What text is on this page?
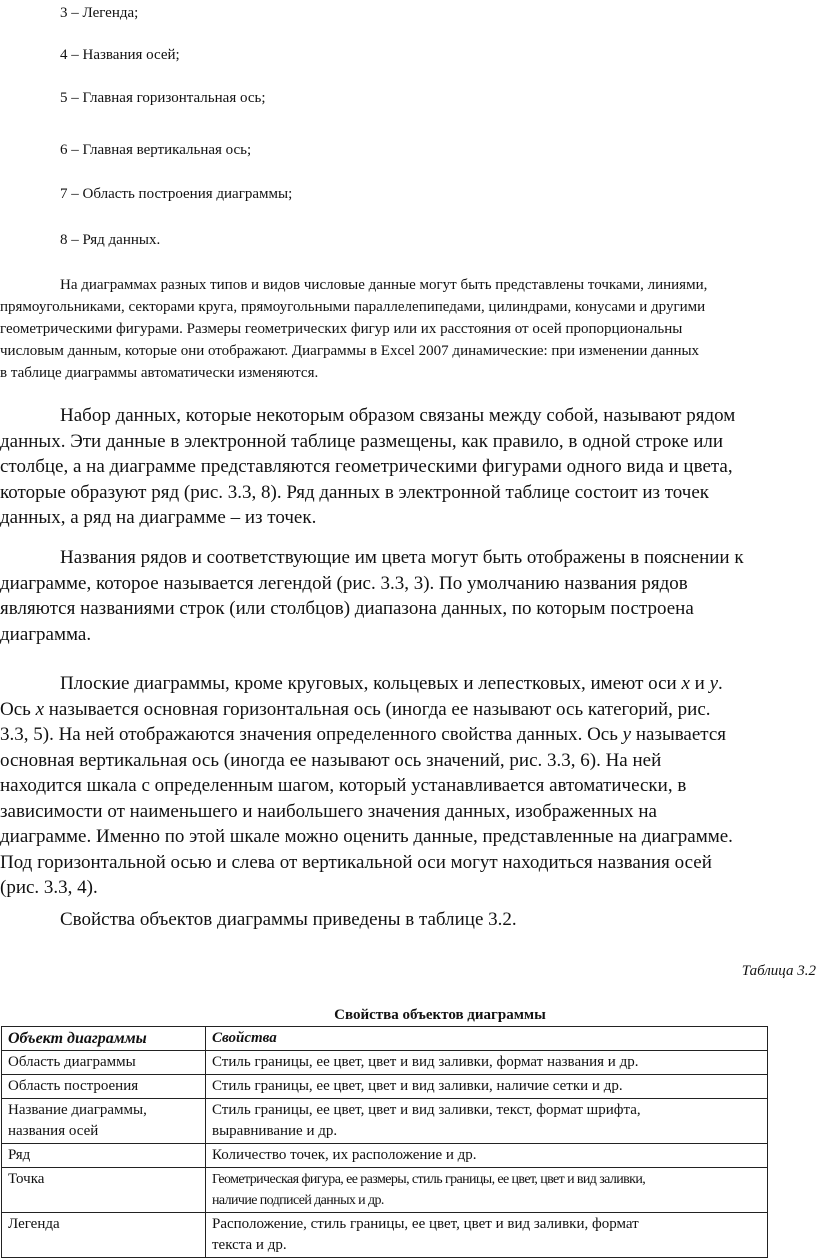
3 – Легенда;
4 – Названия осей;
5 – Главная горизонтальная ось;
6 – Главная вертикальная ось;
7 – Область построения диаграммы;
8 – Ряд данных.
На диаграммах разных типов и видов числовые данные могут быть представлены точками, линиями,
прямоугольниками, секторами круга, прямоугольными параллелепипедами, цилиндрами, конусами и другими
геометрическими фигурами. Размеры геометрических фигур или их расстояния от осей пропорциональны
числовым данным, которые они отображают. Диаграммы в Excel 2007 динамические: при изменении данных
в таблице диаграммы автоматически изменяются.
Набор данных, которые некоторым образом связаны между собой, называют рядом
данных. Эти данные в электронной таблице размещены, как правило, в одной строке или
столбце, а на диаграмме представляются геометрическими фигурами одного вида и цвета,
которые образуют ряд (рис. 3.3, 8). Ряд данных в электронной таблице состоит из точек
данных, а ряд на диаграмме – из точек.
Названия рядов и соответствующие им цвета могут быть отображены в пояснении к
диаграмме, которое называется легендой (рис. 3.3, 3). По умолчанию названия рядов
являются названиями строк (или столбцов) диапазона данных, по которым построена
диаграмма.
Плоские диаграммы, кроме круговых, кольцевых и лепестковых, имеют оси x и y.
Ось x называется основная горизонтальная ось (иногда ее называют ось категорий, рис.
3.3, 5). На ней отображаются значения определенного свойства данных. Ось y называется
основная вертикальная ось (иногда ее называют ось значений, рис. 3.3, 6). На ней
находится шкала с определенным шагом, который устанавливается автоматически, в
зависимости от наименьшего и наибольшего значения данных, изображенных на
диаграмме. Именно по этой шкале можно оценить данные, представленные на диаграмме.
Под горизонтальной осью и слева от вертикальной оси могут находиться названия осей
(рис. 3.3, 4).
Свойства объектов диаграммы приведены в таблице 3.2.
Таблица 3.2
Свойства объектов диаграммы
Объект диаграммы	Свойства
Область диаграммы	Стиль границы, ее цвет, цвет и вид заливки, формат названия и др.
Область построения	Стиль границы, ее цвет, цвет и вид заливки, наличие сетки и др.
Название диаграммы,
названия осей	Стиль границы, ее цвет, цвет и вид заливки, текст, формат шрифта,
выравнивание и др.
Ряд	Количество точек, их расположение и др.
Точка	Геометрическая фигура, ее размеры, стиль границы, ее цвет, цвет и вид заливки,
наличие подписей данных и др.
Легенда	Расположение, стиль границы, ее цвет, цвет и вид заливки, формат
текста и др.
